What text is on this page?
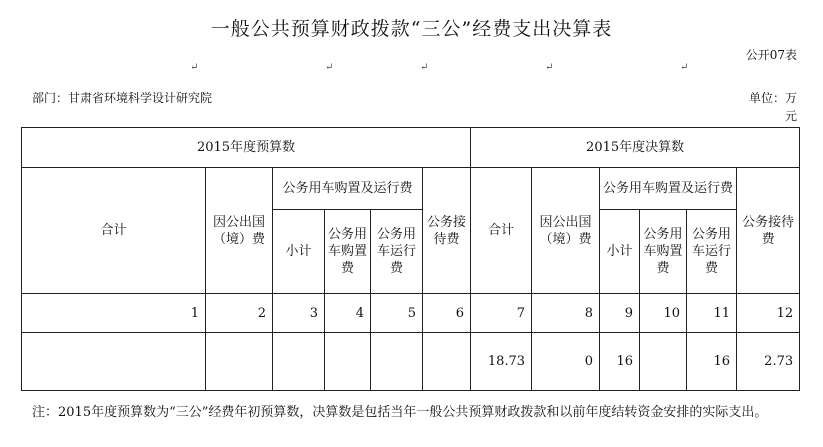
一般公共预算财政拨款“三公”经费支出决算表
公开07表
部门：甘肃省环境科学设计研究院	单位：万元
↵	↵	↵	↵	↵
2015年度预算数						2015年度决算数					
合计	因公出国（境）费	公务用车购置及运行费			公务接待费	合计	因公出国（境）费	公务用车购置及运行费			公务接待费
		小计	公务用车购置费	公务用车运行费				小计	公务用车购置费	公务用车运行费	
1	2	3	4	5	6	7	8	9	10	11	12
						18.73	0	16		16	2.73
注：2015年度预算数为“三公”经费年初预算数，决算数是包括当年一般公共预算财政拨款和以前年度结转资金安排的实际支出。
